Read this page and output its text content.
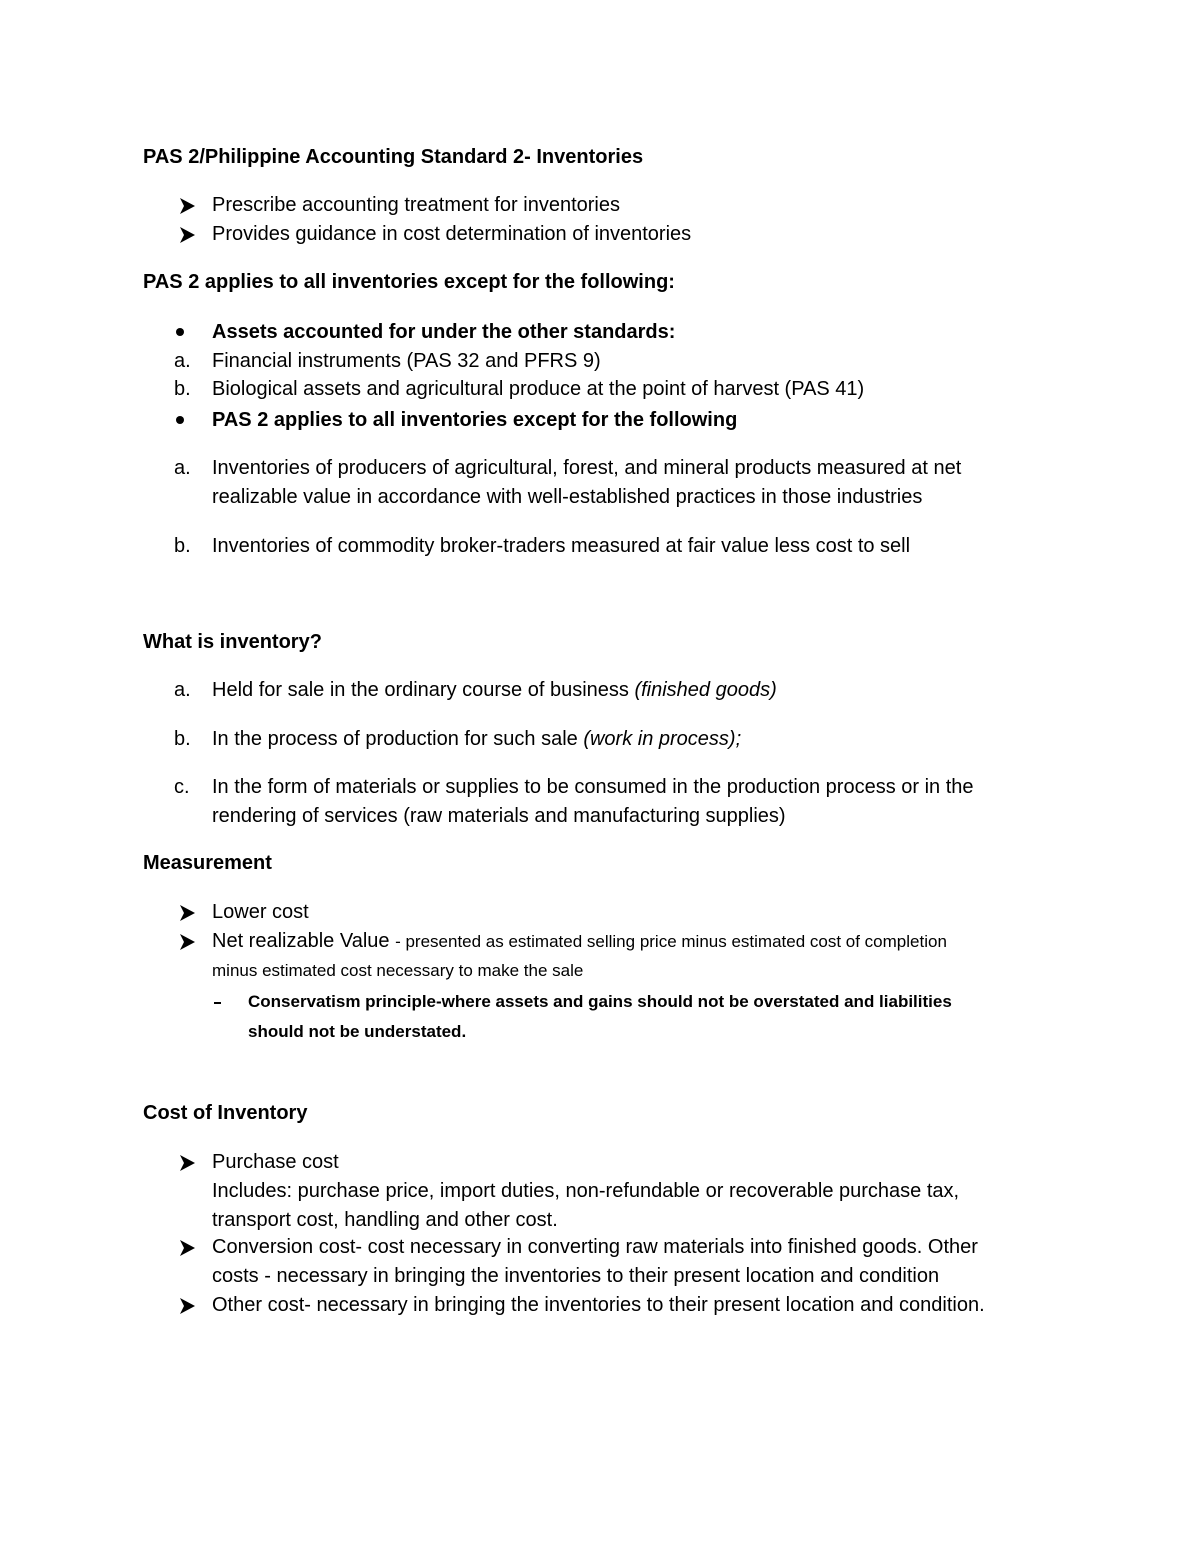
PAS 2/Philippine Accounting Standard 2- Inventories
Prescribe accounting treatment for inventories
Provides guidance in cost determination of inventories
PAS 2 applies to all inventories except for the following:
Assets accounted for under the other standards:
a. Financial instruments (PAS 32 and PFRS 9)
b. Biological assets and agricultural produce at the point of harvest (PAS 41)
PAS 2 applies to all inventories except for the following
a. Inventories of producers of agricultural, forest, and mineral products measured at net
realizable value in accordance with well-established practices in those industries
b. Inventories of commodity broker-traders measured at fair value less cost to sell
What is inventory?
a. Held for sale in the ordinary course of business (finished goods)
b. In the process of production for such sale (work in process);
c. In the form of materials or supplies to be consumed in the production process or in the
rendering of services (raw materials and manufacturing supplies)
Measurement
Lower cost
Net realizable Value - presented as estimated selling price minus estimated cost of completion
minus estimated cost necessary to make the sale
Conservatism principle-where assets and gains should not be overstated and liabilities
should not be understated.
Cost of Inventory
Purchase cost
Includes: purchase price, import duties, non-refundable or recoverable purchase tax,
transport cost, handling and other cost.
Conversion cost- cost necessary in converting raw materials into finished goods. Other
costs - necessary in bringing the inventories to their present location and condition
Other cost- necessary in bringing the inventories to their present location and condition.
